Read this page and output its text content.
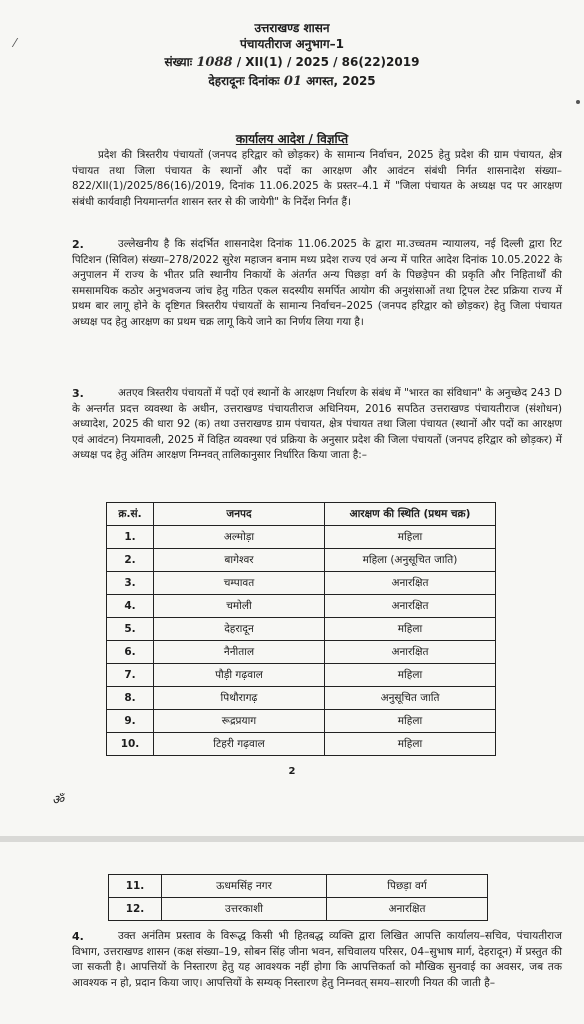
⁄
उत्तराखण्ड शासन
पंचायतीराज अनुभाग–1
संख्याः 1088 / XII(1) / 2025 / 86(22)2019
देहरादूनः दिनांकः 01 अगस्त, 2025
कार्यालय आदेश / विज्ञप्ति
प्रदेश की त्रिस्तरीय पंचायतों (जनपद हरिद्वार को छोड़कर) के सामान्य निर्वाचन, 2025 हेतु प्रदेश की ग्राम पंचायत, क्षेत्र पंचायत तथा जिला पंचायत के स्थानों और पदों का आरक्षण और आवंटन संबंधी निर्गत शासनादेश संख्या–822/XII(1)/2025/86(16)/2019, दिनांक 11.06.2025 के प्रस्तर–4.1 में "जिला पंचायत के अध्यक्ष पद पर आरक्षण संबंधी कार्यवाही नियमान्तर्गत शासन स्तर से की जायेगी" के निर्देश निर्गत हैं।
2.	उल्लेखनीय है कि संदर्भित शासनादेश दिनांक 11.06.2025 के द्वारा मा.उच्चतम न्यायालय, नई दिल्ली द्वारा रिट पिटिशन (सिविल) संख्या–278/2022 सुरेश महाजन बनाम मध्य प्रदेश राज्य एवं अन्य में पारित आदेश दिनांक 10.05.2022 के अनुपालन में राज्य के भीतर प्रति स्थानीय निकायों के अंतर्गत अन्य पिछड़ा वर्ग के पिछड़ेपन की प्रकृति और निहितार्थों की समसामयिक कठोर अनुभवजन्य जांच हेतु गठित एकल सदस्यीय समर्पित आयोग की अनुशंसाओं तथा ट्रिपल टेस्ट प्रक्रिया राज्य में प्रथम बार लागू होने के दृष्टिगत त्रिस्तरीय पंचायतों के सामान्य निर्वाचन–2025 (जनपद हरिद्वार को छोड़कर) हेतु जिला पंचायत अध्यक्ष पद हेतु आरक्षण का प्रथम चक्र लागू किये जाने का निर्णय लिया गया है।
3.	अतएव त्रिस्तरीय पंचायतों में पदों एवं स्थानों के आरक्षण निर्धारण के संबंध में "भारत का संविधान" के अनुच्छेद 243 D के अन्तर्गत प्रदत्त व्यवस्था के अधीन, उत्तराखण्ड पंचायतीराज अधिनियम, 2016 सपठित उत्तराखण्ड पंचायतीराज (संशोधन) अध्यादेश, 2025 की धारा 92 (क) तथा उत्तराखण्ड ग्राम पंचायत, क्षेत्र पंचायत तथा जिला पंचायत (स्थानों और पदों का आरक्षण एवं आवंटन) नियमावली, 2025 में विहित व्यवस्था एवं प्रक्रिया के अनुसार प्रदेश की जिला पंचायतों (जनपद हरिद्वार को छोड़कर) में अध्यक्ष पद हेतु अंतिम आरक्षण निम्नवत् तालिकानुसार निर्धारित किया जाता है:–
क्र.सं.	जनपद	आरक्षण की स्थिति (प्रथम चक्र)
1.	अल्मोड़ा	महिला
2.	बागेश्वर	महिला (अनुसूचित जाति)
3.	चम्पावत	अनारक्षित
4.	चमोली	अनारक्षित
5.	देहरादून	महिला
6.	नैनीताल	अनारक्षित
7.	पौड़ी गढ़वाल	महिला
8.	पिथौरागढ़	अनुसूचित जाति
9.	रूद्रप्रयाग	महिला
10.	टिहरी गढ़वाल	महिला
2
ॐ
11.	ऊधमसिंह नगर	पिछड़ा वर्ग
12.	उत्तरकाशी	अनारक्षित
4.	उक्त अनंतिम प्रस्ताव के विरूद्ध किसी भी हितबद्ध व्यक्ति द्वारा लिखित आपत्ति कार्यालय–सचिव, पंचायतीराज विभाग, उत्तराखण्ड शासन (कक्ष संख्या–19, सोबन सिंह जीना भवन, सचिवालय परिसर, 04–सुभाष मार्ग, देहरादून) में प्रस्तुत की जा सकती है। आपत्तियों के निस्तारण हेतु यह आवश्यक नहीं होगा कि आपत्तिकर्ता को मौखिक सुनवाई का अवसर, जब तक आवश्यक न हो, प्रदान किया जाए। आपत्तियों के सम्यक् निस्तारण हेतु निम्नवत् समय–सारणी नियत की जाती है–
